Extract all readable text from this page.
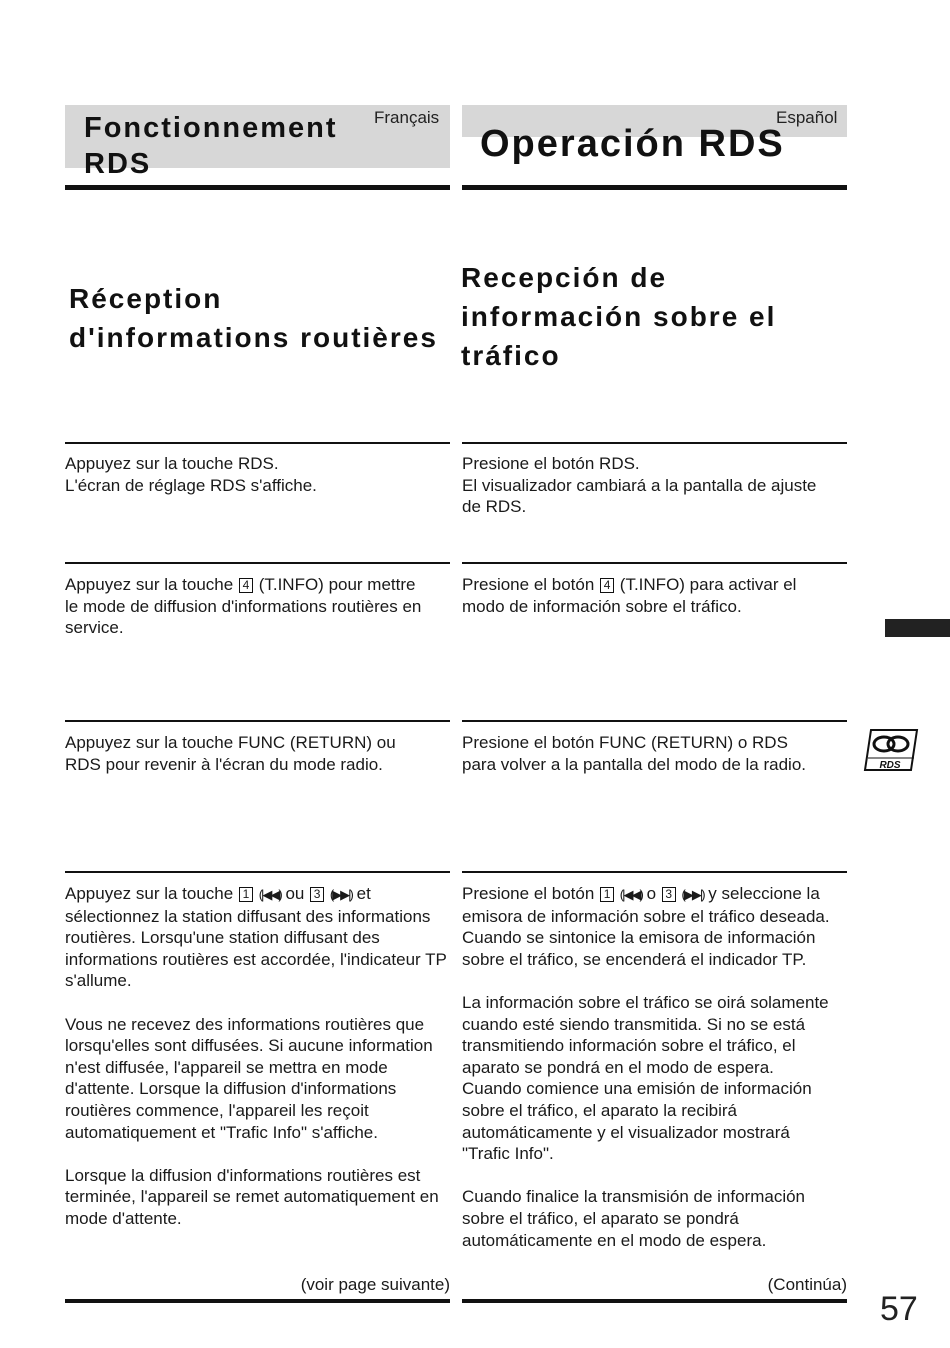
Fonctionnement
RDS
Français
Operación RDS
Español
Réception
d'informations routières
Recepción de
información sobre el
tráfico
Appuyez sur la touche RDS.
L'écran de réglage RDS s'affiche.
Presione el botón RDS.
El visualizador cambiará a la pantalla de ajuste
de RDS.
Appuyez sur la touche 4 (T.INFO) pour mettre
le mode de diffusion d'informations routières en
service.
Presione el botón 4 (T.INFO) para activar el
modo de información sobre el tráfico.
Appuyez sur la touche FUNC (RETURN) ou
RDS pour revenir à l'écran du mode radio.
Presione el botón FUNC (RETURN) o RDS
para volver a la pantalla del modo de la radio.

Appuyez sur la touche 1 (|◀◀) ou 3 (▶▶|) et sélectionnez la station diffusant des informations routières. Lorsqu'une station diffusant des informations routières est accordée, l'indicateur TP s'allume.

Vous ne recevez des informations routières que lorsqu'elles sont diffusées. Si aucune information n'est diffusée, l'appareil se mettra en mode d'attente. Lorsque la diffusion d'informations routières commence, l'appareil les reçoit automatiquement et "Trafic Info" s'affiche.

Lorsque la diffusion d'informations routières est terminée, l'appareil se remet automatiquement en mode d'attente.

Presione el botón 1 (|◀◀) o 3 (▶▶|) y seleccione la emisora de información sobre el tráfico deseada. Cuando se sintonice la emisora de información sobre el tráfico, se encenderá el indicador TP.

La información sobre el tráfico se oirá solamente cuando esté siendo transmitida. Si no se está transmitiendo información sobre el tráfico, el aparato se pondrá en el modo de espera. Cuando comience una emisión de información sobre el tráfico, el aparato la recibirá automáticamente y el visualizador mostrará "Trafic Info".

Cuando finalice la transmisión de información sobre el tráfico, el aparato se pondrá automáticamente en el modo de espera.

(voir page suivante)	(Continúa)
RDS
57
